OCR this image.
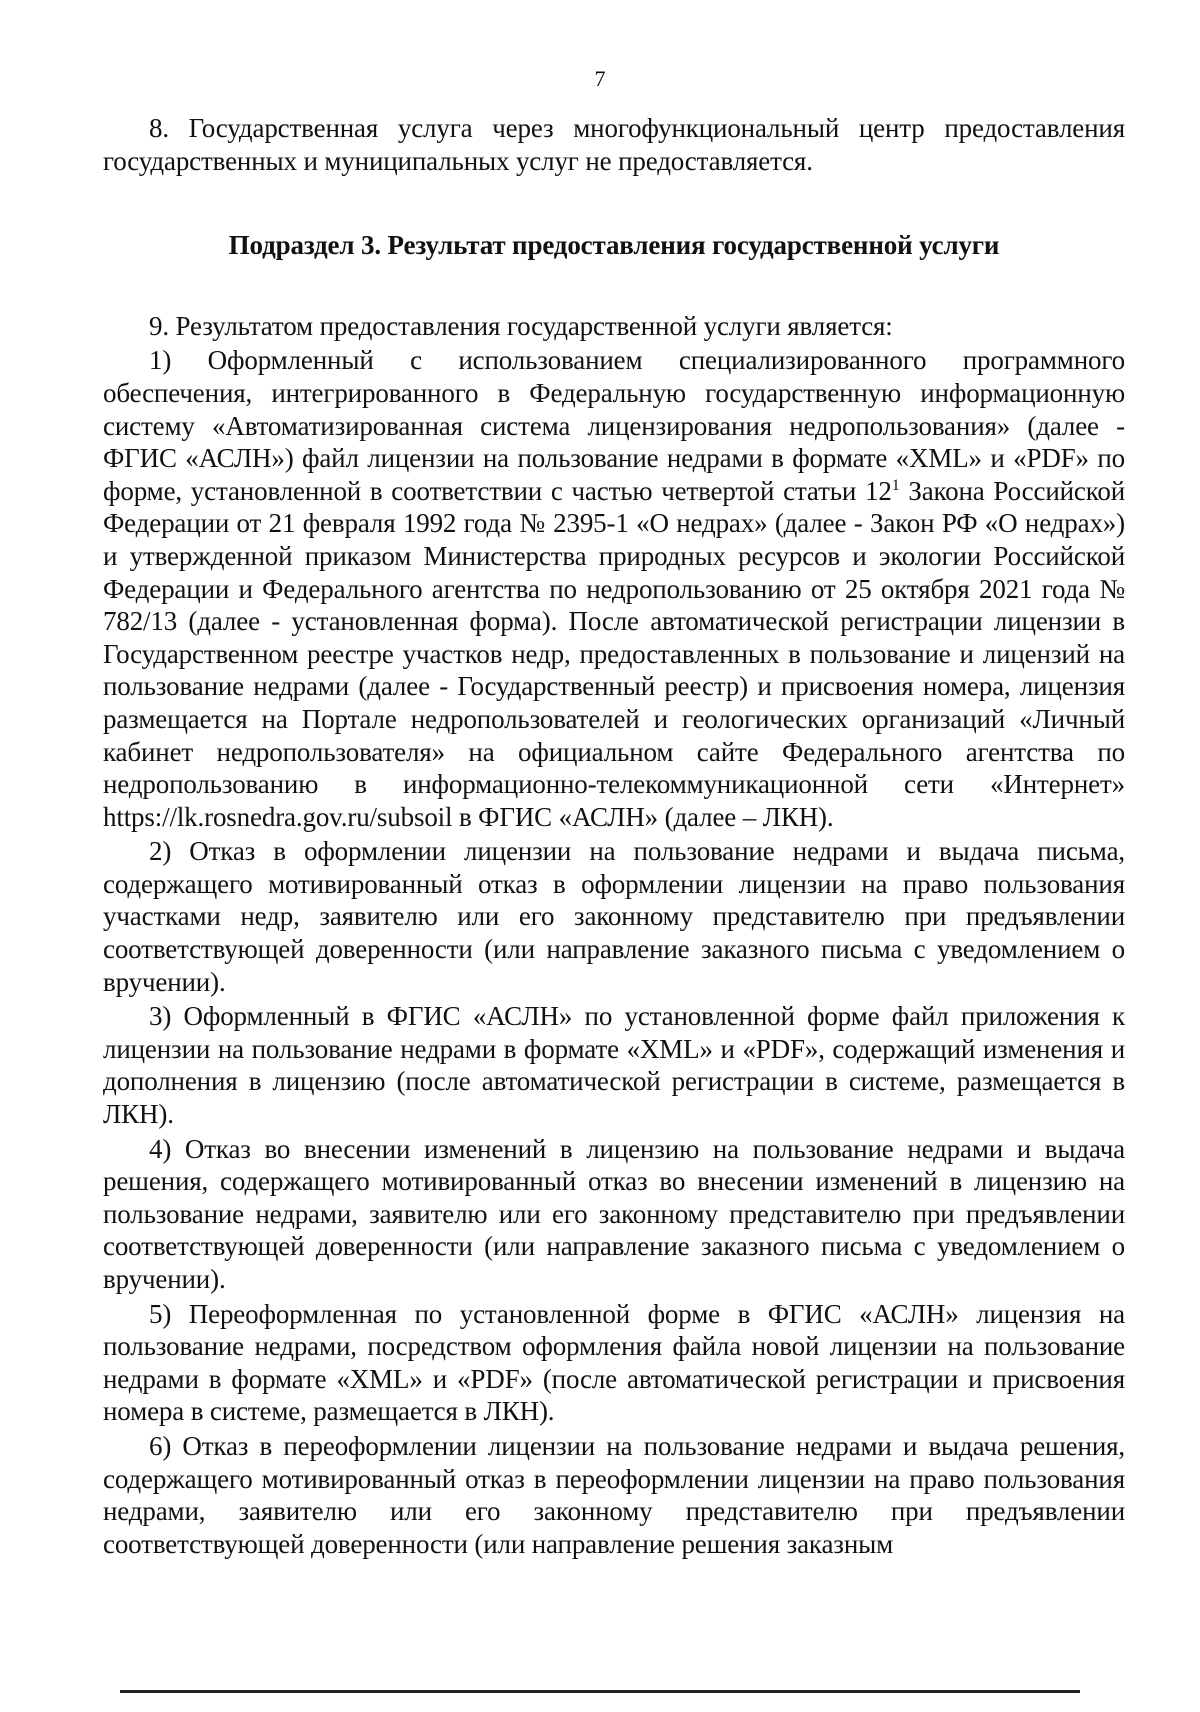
7

8. Государственная услуга через многофункциональный центр предоставления государственных и муниципальных услуг не предоставляется.

Подраздел 3. Результат предоставления государственной услуги

9. Результатом предоставления государственной услуги является:

1) Оформленный с использованием специализированного программного обеспечения, интегрированного в Федеральную государственную информационную систему «Автоматизированная система лицензирования недропользования» (далее - ФГИС «АСЛН») файл лицензии на пользование недрами в формате «XML» и «PDF» по форме, установленной в соответствии с частью четвертой статьи $12^1$ Закона Российской Федерации от 21 февраля 1992 года № 2395-1 «О недрах» (далее - Закон РФ «О недрах») и утвержденной приказом Министерства природных ресурсов и экологии Российской Федерации и Федерального агентства по недропользованию от 25 октября 2021 года № 782/13 (далее - установленная форма). После автоматической регистрации лицензии в Государственном реестре участков недр, предоставленных в пользование и лицензий на пользование недрами (далее - Государственный реестр) и присвоения номера, лицензия размещается на Портале недропользователей и геологических организаций «Личный кабинет недропользователя» на официальном сайте Федерального агентства по недропользованию в информационно-телекоммуникационной сети «Интернет» https://lk.rosnedra.gov.ru/subsoil в ФГИС «АСЛН» (далее – ЛКН).

2) Отказ в оформлении лицензии на пользование недрами и выдача письма, содержащего мотивированный отказ в оформлении лицензии на право пользования участками недр, заявителю или его законному представителю при предъявлении соответствующей доверенности (или направление заказного письма с уведомлением о вручении).

3) Оформленный в ФГИС «АСЛН» по установленной форме файл приложения к лицензии на пользование недрами в формате «XML» и «PDF», содержащий изменения и дополнения в лицензию (после автоматической регистрации в системе, размещается в ЛКН).

4) Отказ во внесении изменений в лицензию на пользование недрами и выдача решения, содержащего мотивированный отказ во внесении изменений в лицензию на пользование недрами, заявителю или его законному представителю при предъявлении соответствующей доверенности (или направление заказного письма с уведомлением о вручении).

5) Переоформленная по установленной форме в ФГИС «АСЛН» лицензия на пользование недрами, посредством оформления файла новой лицензии на пользование недрами в формате «XML» и «PDF» (после автоматической регистрации и присвоения номера в системе, размещается в ЛКН).

6) Отказ в переоформлении лицензии на пользование недрами и выдача решения, содержащего мотивированный отказ в переоформлении лицензии на право пользования недрами, заявителю или его законному представителю при предъявлении соответствующей доверенности (или направление решения заказным
